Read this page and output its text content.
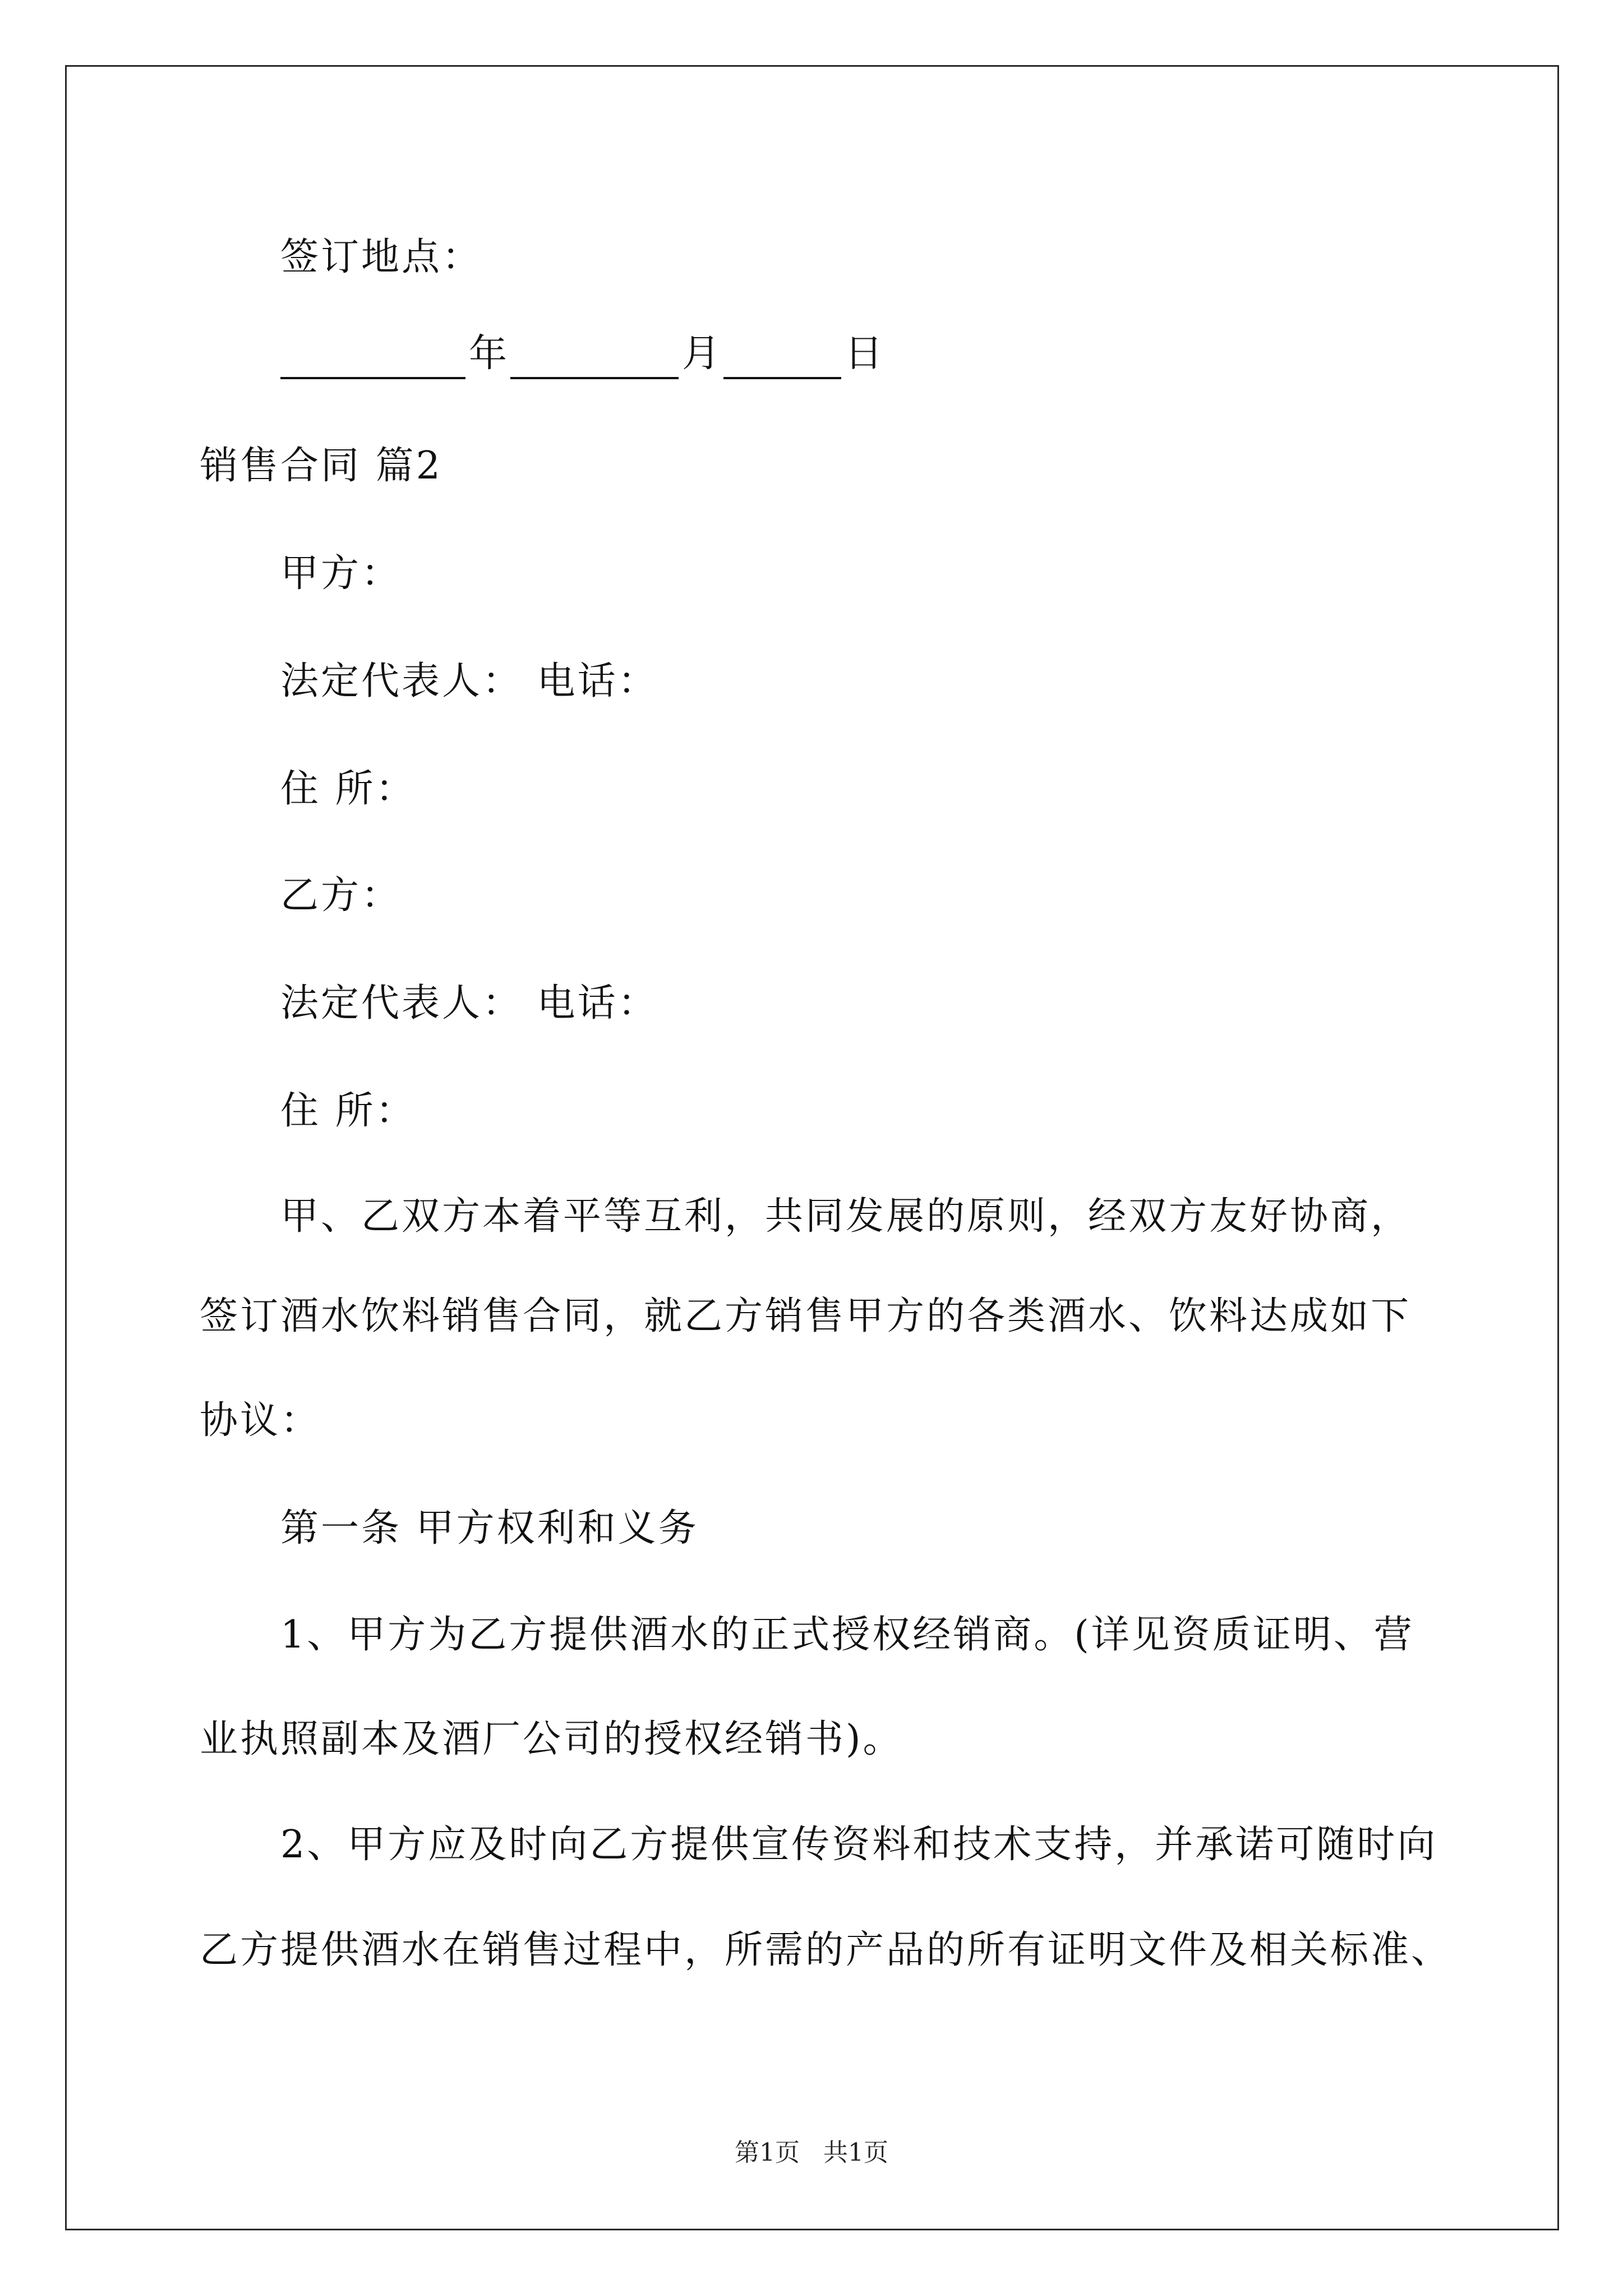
签订地点：
年	月	日
销售合同 篇2
甲方：
法定代表人： 电话：
住 所：
乙方：
法定代表人： 电话：
住 所：
甲、乙双方本着平等互利，共同发展的原则，经双方友好协商，
签订酒水饮料销售合同，就乙方销售甲方的各类酒水、饮料达成如下
协议：
第一条 甲方权利和义务
1、甲方为乙方提供酒水的正式授权经销商。(详见资质证明、营
业执照副本及酒厂公司的授权经销书)。
2、甲方应及时向乙方提供宣传资料和技术支持，并承诺可随时向
乙方提供酒水在销售过程中，所需的产品的所有证明文件及相关标准、
第1页 共1页
